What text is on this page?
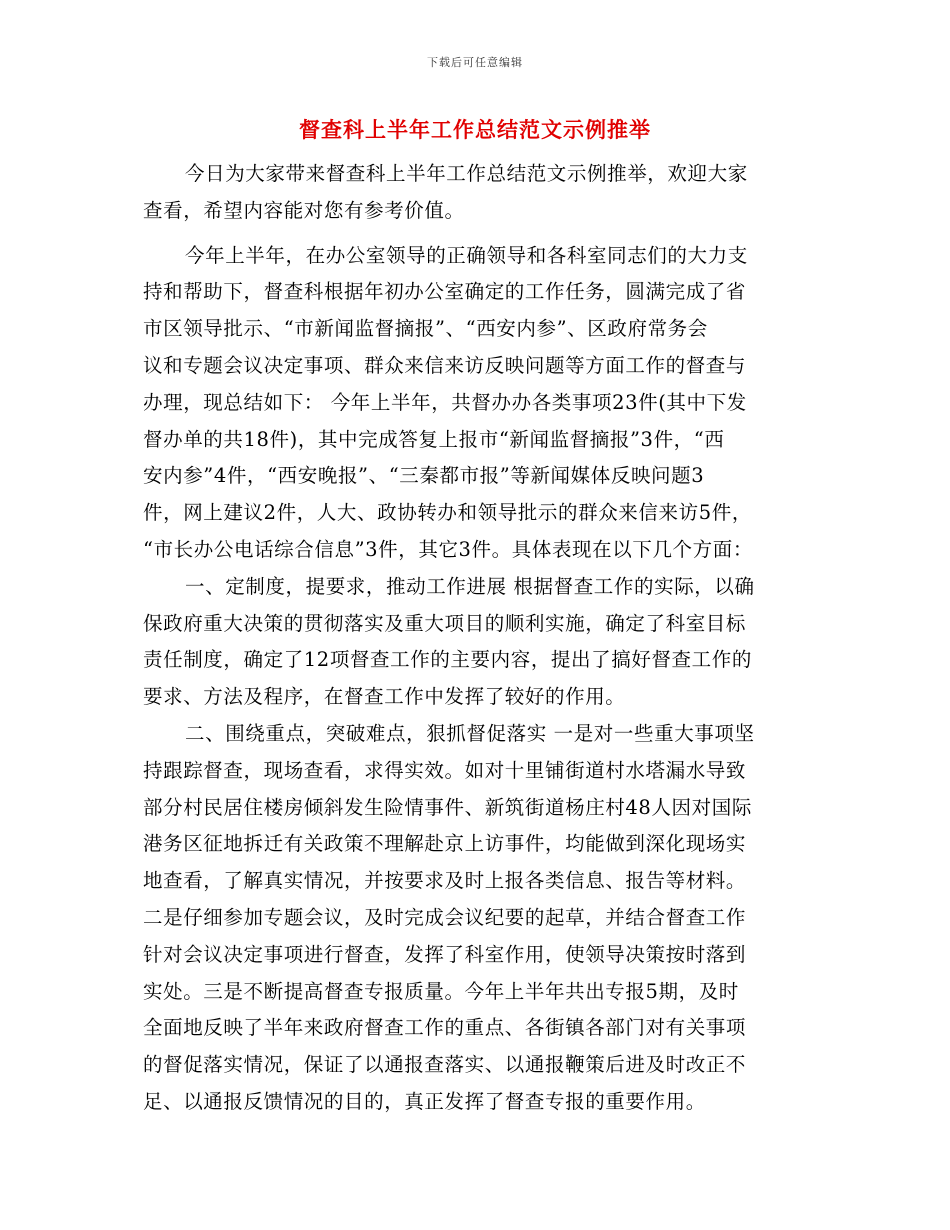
下载后可任意编辑
督查科上半年工作总结范文示例推举
今日为大家带来督查科上半年工作总结范文示例推举，欢迎大家
查看，希望内容能对您有参考价值。
今年上半年，在办公室领导的正确领导和各科室同志们的大力支
持和帮助下，督查科根据年初办公室确定的工作任务，圆满完成了省
市区领导批示、“市新闻监督摘报”、“西安内参”、区政府常务会
议和专题会议决定事项、群众来信来访反映问题等方面工作的督查与
办理，现总结如下： 今年上半年，共督办办各类事项23件(其中下发
督办单的共18件)，其中完成答复上报市“新闻监督摘报”3件，“西
安内参”4件，“西安晚报”、“三秦都市报”等新闻媒体反映问题3
件，网上建议2件，人大、政协转办和领导批示的群众来信来访5件，
“市长办公电话综合信息”3件，其它3件。具体表现在以下几个方面：
一、定制度，提要求，推动工作进展 根据督查工作的实际，以确
保政府重大决策的贯彻落实及重大项目的顺利实施，确定了科室目标
责任制度，确定了12项督查工作的主要内容，提出了搞好督查工作的
要求、方法及程序，在督查工作中发挥了较好的作用。
二、围绕重点，突破难点，狠抓督促落实 一是对一些重大事项坚
持跟踪督查，现场查看，求得实效。如对十里铺街道村水塔漏水导致
部分村民居住楼房倾斜发生险情事件、新筑街道杨庄村48人因对国际
港务区征地拆迁有关政策不理解赴京上访事件，均能做到深化现场实
地查看，了解真实情况，并按要求及时上报各类信息、报告等材料。
二是仔细参加专题会议，及时完成会议纪要的起草，并结合督查工作
针对会议决定事项进行督查，发挥了科室作用，使领导决策按时落到
实处。三是不断提高督查专报质量。今年上半年共出专报5期，及时
全面地反映了半年来政府督查工作的重点、各街镇各部门对有关事项
的督促落实情况，保证了以通报查落实、以通报鞭策后进及时改正不
足、以通报反馈情况的目的，真正发挥了督查专报的重要作用。
